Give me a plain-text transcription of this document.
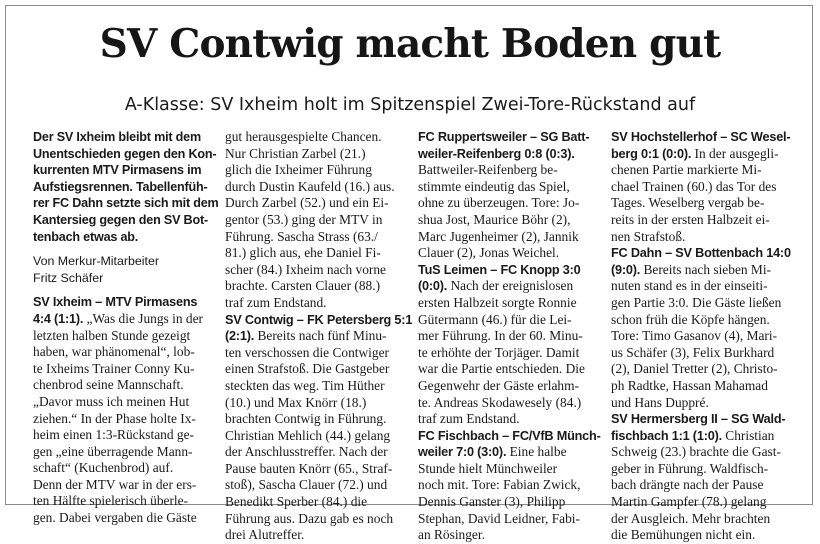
SV Contwig macht Boden gut
A-Klasse: SV Ixheim holt im Spitzenspiel Zwei-Tore-Rückstand auf
Der SV Ixheim bleibt mit dem
Unentschieden gegen den Kon-
kurrenten MTV Pirmasens im
Aufstiegsrennen. Tabellenfüh-
rer FC Dahn setzte sich mit dem
Kantersieg gegen den SV Bot-
tenbach etwas ab.
Von Merkur-Mitarbeiter
Fritz Schäfer
SV Ixheim – MTV Pirmasens
4:4 (1:1). „Was die Jungs in der
letzten halben Stunde gezeigt
haben, war phänomenal“, lob-
te Ixheims Trainer Conny Ku-
chenbrod seine Mannschaft.
„Davor muss ich meinen Hut
ziehen.“ In der Phase holte Ix-
heim einen 1:3-Rückstand ge-
gen „eine überragende Mann-
schaft“ (Kuchenbrod) auf.
Denn der MTV war in der ers-
ten Hälfte spielerisch überle-
gen. Dabei vergaben die Gäste
gut herausgespielte Chancen.
Nur Christian Zarbel (21.)
glich die Ixheimer Führung
durch Dustin Kaufeld (16.) aus.
Durch Zarbel (52.) und ein Ei-
gentor (53.) ging der MTV in
Führung. Sascha Strass (63./
81.) glich aus, ehe Daniel Fi-
scher (84.) Ixheim nach vorne
brachte. Carsten Clauer (88.)
traf zum Endstand.
SV Contwig – FK Petersberg 5:1
(2:1). Bereits nach fünf Minu-
ten verschossen die Contwiger
einen Strafstoß. Die Gastgeber
steckten das weg. Tim Hüther
(10.) und Max Knörr (18.)
brachten Contwig in Führung.
Christian Mehlich (44.) gelang
der Anschlusstreffer. Nach der
Pause bauten Knörr (65., Straf-
stoß), Sascha Clauer (72.) und
Benedikt Sperber (84.) die
Führung aus. Dazu gab es noch
drei Alutreffer.
FC Ruppertsweiler – SG Batt-
weiler-Reifenberg 0:8 (0:3).
Battweiler-Reifenberg be-
stimmte eindeutig das Spiel,
ohne zu überzeugen. Tore: Jo-
shua Jost, Maurice Böhr (2),
Marc Jugenheimer (2), Jannik
Clauer (2), Jonas Weichel.
TuS Leimen – FC Knopp 3:0
(0:0). Nach der ereignislosen
ersten Halbzeit sorgte Ronnie
Gütermann (46.) für die Lei-
mer Führung. In der 60. Minu-
te erhöhte der Torjäger. Damit
war die Partie entschieden. Die
Gegenwehr der Gäste erlahm-
te. Andreas Skodawesely (84.)
traf zum Endstand.
FC Fischbach – FC/VfB Münch-
weiler 7:0 (3:0). Eine halbe
Stunde hielt Münchweiler
noch mit. Tore: Fabian Zwick,
Dennis Ganster (3), Philipp
Stephan, David Leidner, Fabi-
an Rösinger.
SV Hochstellerhof – SC Wesel-
berg 0:1 (0:0). In der ausgegli-
chenen Partie markierte Mi-
chael Trainen (60.) das Tor des
Tages. Weselberg vergab be-
reits in der ersten Halbzeit ei-
nen Strafstoß.
FC Dahn – SV Bottenbach 14:0
(9:0). Bereits nach sieben Mi-
nuten stand es in der einseiti-
gen Partie 3:0. Die Gäste ließen
schon früh die Köpfe hängen.
Tore: Timo Gasanov (4), Mari-
us Schäfer (3), Felix Burkhard
(2), Daniel Tretter (2), Christo-
ph Radtke, Hassan Mahamad
und Hans Duppré.
SV Hermersberg II – SG Wald-
fischbach 1:1 (1:0). Christian
Schweig (23.) brachte die Gast-
geber in Führung. Waldfisch-
bach drängte nach der Pause
Martin Gampfer (78.) gelang
der Ausgleich. Mehr brachten
die Bemühungen nicht ein.
